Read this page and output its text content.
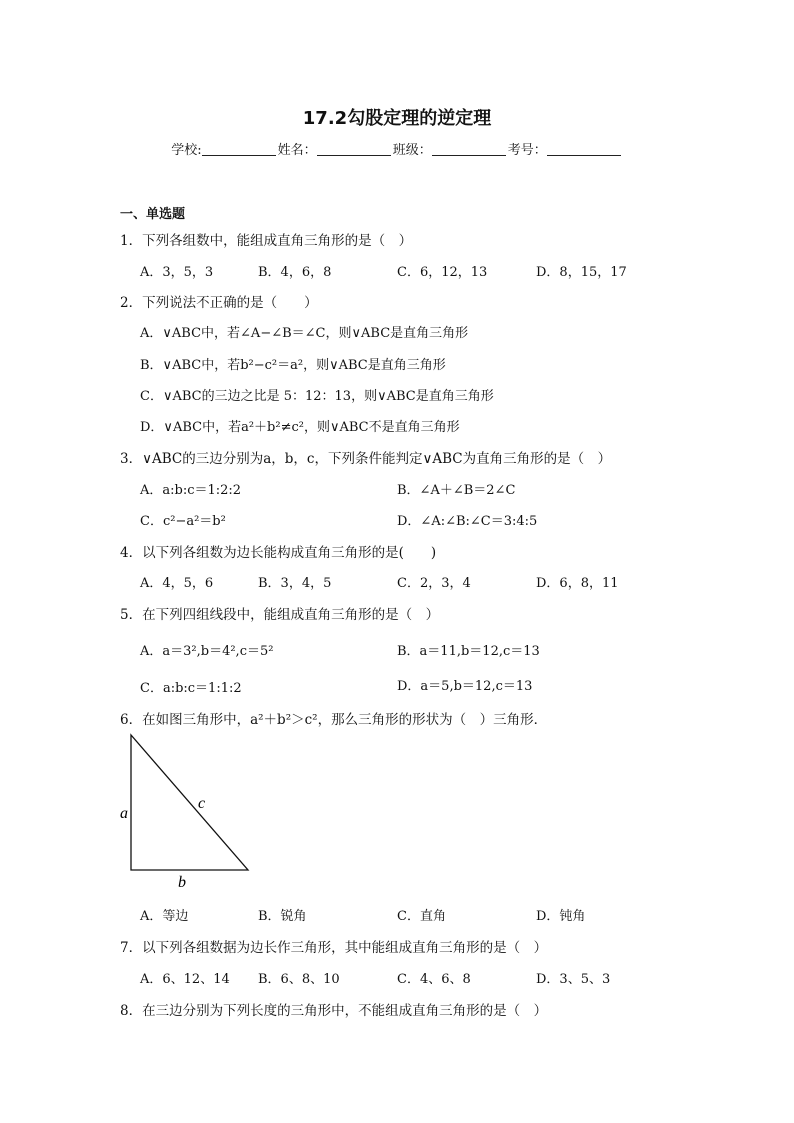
17.2勾股定理的逆定理
学校:	姓名：	班级：	考号：
一、单选题
1．下列各组数中，能组成直角三角形的是（　）
A．3，5，3	B．4，6，8	C．6，12，13	D．8，15，17
2．下列说法不正确的是（　　）
A．∨ABC中，若∠A−∠B＝∠C，则∨ABC是直角三角形
B．∨ABC中，若b²−c²＝a²，则∨ABC是直角三角形
C．∨ABC的三边之比是 5：12：13，则∨ABC是直角三角形
D．∨ABC中，若a²＋b²≠c²，则∨ABC不是直角三角形
3．∨ABC的三边分别为a，b，c，下列条件能判定∨ABC为直角三角形的是（　）
A．a:b:c＝1:2:2	B．∠A＋∠B＝2∠C
C．c²−a²＝b²	D．∠A:∠B:∠C＝3:4:5
4．以下列各组数为边长能构成直角三角形的是(　　)
A．4，5，6	B．3，4，5	C．2，3，4	D．6，8，11
5．在下列四组线段中，能组成直角三角形的是（　）
A．a＝3²,b＝4²,c＝5²	B．a＝11,b＝12,c＝13
C．a:b:c＝1:1:2	D．a＝5,b＝12,c＝13
6．在如图三角形中，a²＋b²＞c²，那么三角形的形状为（　）三角形．
a
b
c
A．等边	B．锐角	C．直角	D．钝角
7．以下列各组数据为边长作三角形，其中能组成直角三角形的是（　）
A．6、12、14 B．6、8、10	C．4、6、8	D．3、5、3
8．在三边分别为下列长度的三角形中，不能组成直角三角形的是（　）
